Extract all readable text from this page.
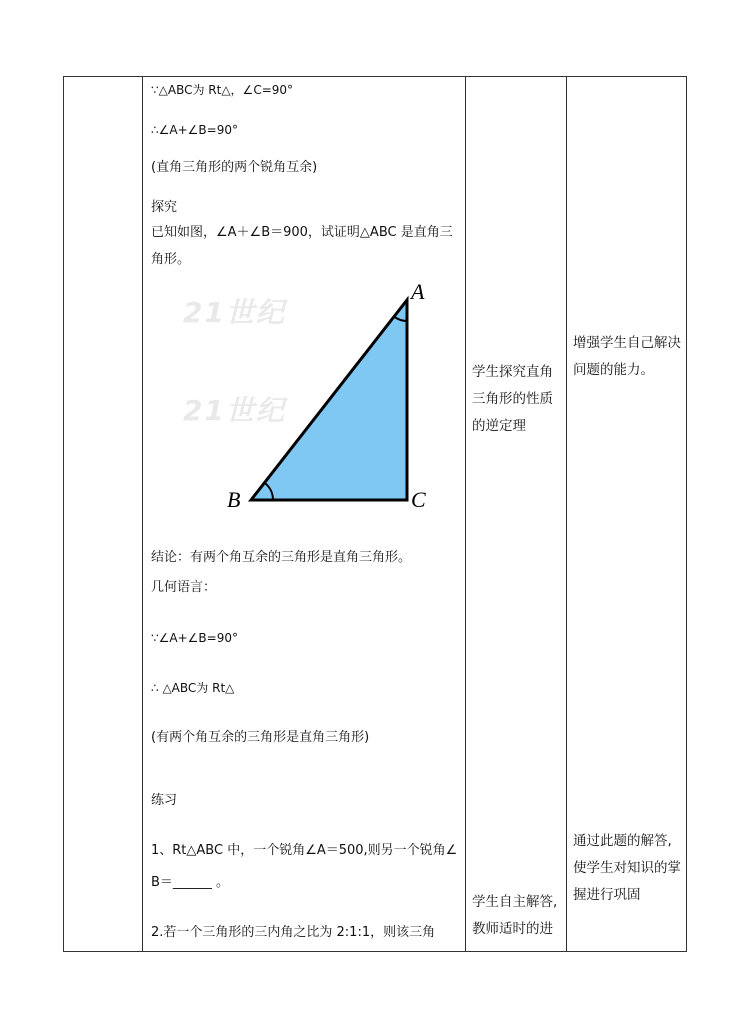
∵△ABC为 Rt△，∠C=90°
∴∠A+∠B=90°
(直角三角形的两个锐角互余)
探究
已知如图，∠A＋∠B＝900，试证明△ABC 是直角三角形。
21世纪
21世纪
A
B	C
结论：有两个角互余的三角形是直角三角形。
几何语言：
∵∠A+∠B=90°
∴ △ABC为 Rt△
(有两个角互余的三角形是直角三角形)
练习
1、Rt△ABC 中，一个锐角∠A＝500,则另一个锐角∠
B＝______ 。
2.若一个三角形的三内角之比为 2:1:1，则该三角

学生探究直角三角形的性质的逆定理
学生自主解答,教师适时的进

增强学生自己解决问题的能力。
通过此题的解答,使学生对知识的掌握进行巩固
